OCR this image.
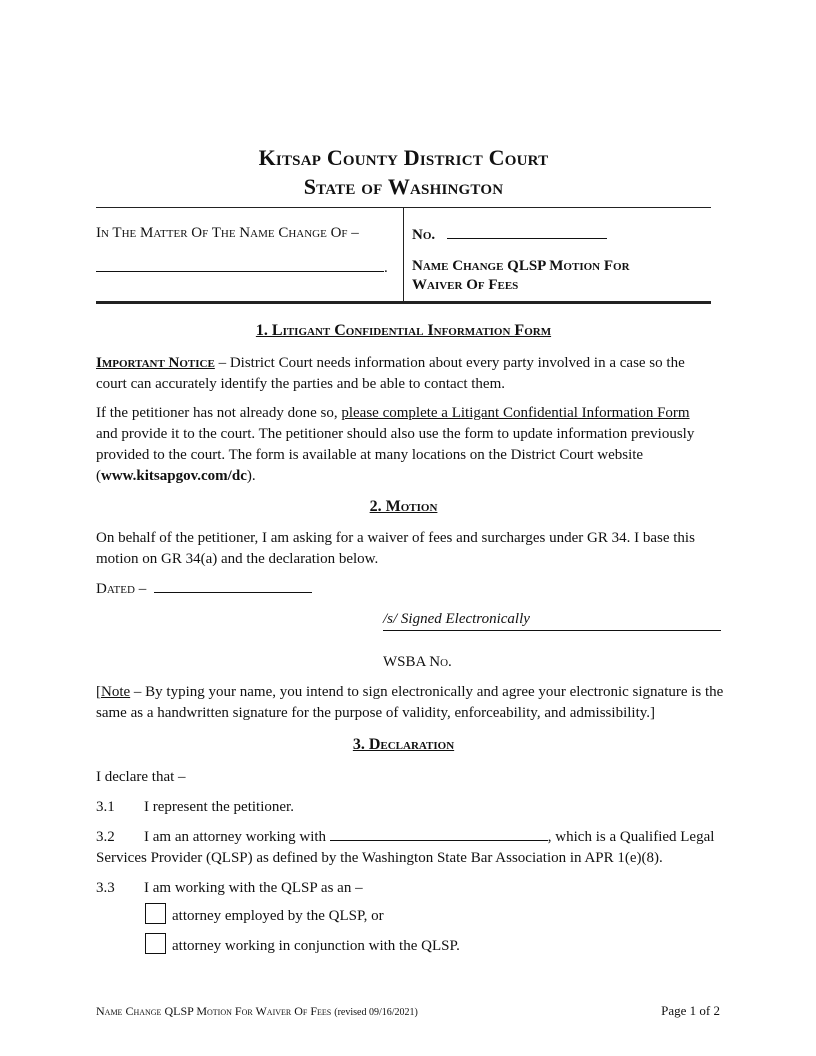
Kitsap County District Court
State of Washington
In The Matter Of The Name Change Of –
.
No.
Name Change QLSP Motion For
Waiver Of Fees
1. Litigant Confidential Information Form
Important Notice – District Court needs information about every party involved in a case so the court can accurately identify the parties and be able to contact them.
If the petitioner has not already done so, please complete a Litigant Confidential Information Form and provide it to the court. The petitioner should also use the form to update information previously provided to the court. The form is available at many locations on the District Court website (www.kitsapgov.com/dc).
2. Motion
On behalf of the petitioner, I am asking for a waiver of fees and surcharges under GR 34. I base this motion on GR 34(a) and the declaration below.
Dated –
/s/ Signed Electronically
WSBA No.
[Note – By typing your name, you intend to sign electronically and agree your electronic signature is the same as a handwritten signature for the purpose of validity, enforceability, and admissibility.]
3. Declaration
I declare that –
3.1 I represent the petitioner.
3.2 I am an attorney working with	, which is a Qualified Legal
Services Provider (QLSP) as defined by the Washington State Bar Association in APR 1(e)(8).
3.3 I am working with the QLSP as an –
attorney employed by the QLSP, or
attorney working in conjunction with the QLSP.
Name Change QLSP Motion For Waiver Of Fees (revised 09/16/2021)	Page 1 of 2
